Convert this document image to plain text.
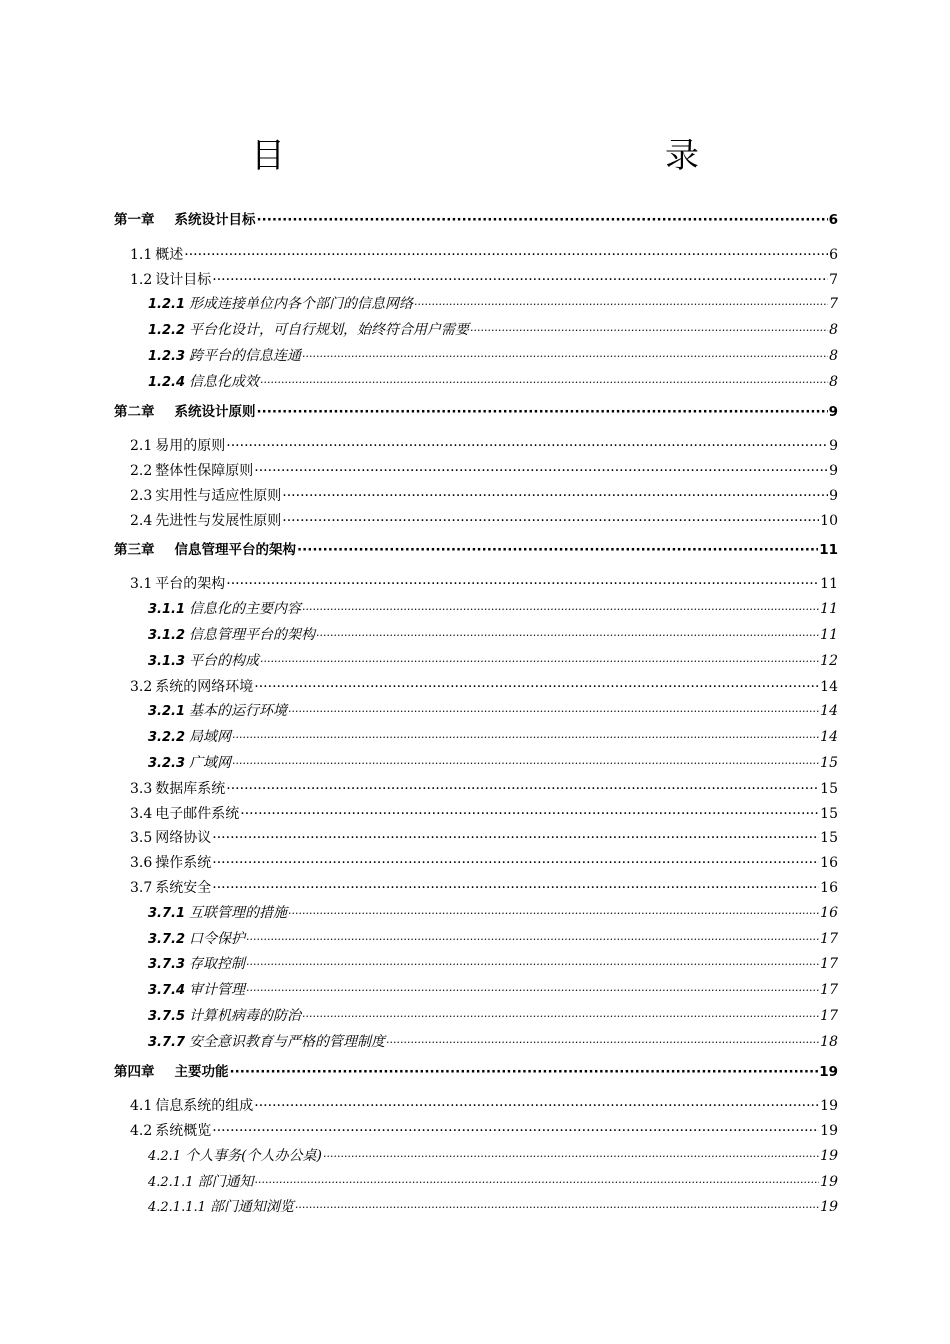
目　　录
第一章 系统设计目标 ·····	6
1.1 概述 ·····	6
1.2 设计目标 ·····	7
1.2.1 形成连接单位内各个部门的信息网络 ·····	7
1.2.2 平台化设计，可自行规划，始终符合用户需要 ·····	8
1.2.3 跨平台的信息连通 ·····	8
1.2.4 信息化成效 ·····	8
第二章 系统设计原则 ·····	9
2.1 易用的原则 ·····	9
2.2 整体性保障原则 ·····	9
2.3 实用性与适应性原则 ·····	9
2.4 先进性与发展性原则 ·····	10
第三章 信息管理平台的架构 ·····	11
3.1 平台的架构 ·····	11
3.1.1 信息化的主要内容 ·····	11
3.1.2 信息管理平台的架构 ·····	11
3.1.3 平台的构成 ·····	12
3.2 系统的网络环境 ·····	14
3.2.1 基本的运行环境 ·····	14
3.2.2 局域网 ·····	14
3.2.3 广域网 ·····	15
3.3 数据库系统 ·····	15
3.4 电子邮件系统 ·····	15
3.5 网络协议 ·····	15
3.6 操作系统 ·····	16
3.7 系统安全 ·····	16
3.7.1 互联管理的措施 ·····	16
3.7.2 口令保护 ·····	17
3.7.3 存取控制 ·····	17
3.7.4 审计管理 ·····	17
3.7.5 计算机病毒的防治 ·····	17
3.7.7 安全意识教育与严格的管理制度 ·····	18
第四章 主要功能 ·····	19
4.1 信息系统的组成 ·····	19
4.2 系统概览 ·····	19
4.2.1 个人事务(个人办公桌) ·····	19
4.2.1.1 部门通知 ·····	19
4.2.1.1.1 部门通知浏览 ·····	19
